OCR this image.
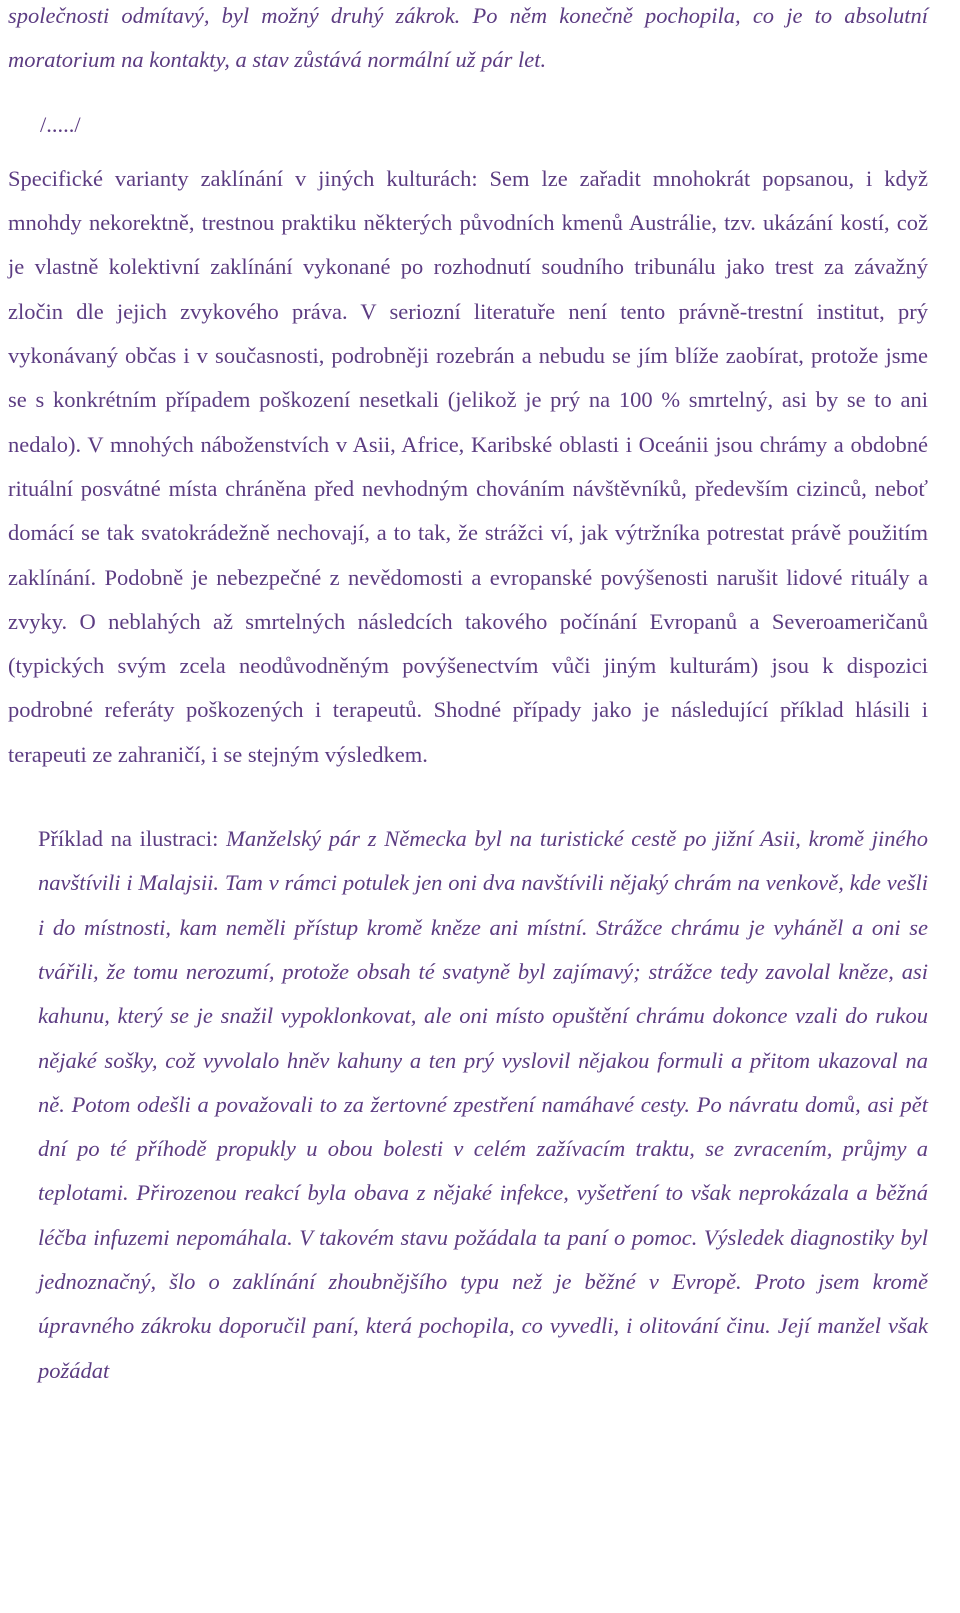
společnosti odmítavý, byl možný druhý zákrok. Po něm konečně pochopila, co je to absolutní moratorium na kontakty, a stav zůstává normální už pár let.

/...../

Specifické varianty zaklínání v jiných kulturách: Sem lze zařadit mnohokrát popsanou, i když mnohdy nekorektně, trestnou praktiku některých původních kmenů Austrálie, tzv. ukázání kostí, což je vlastně kolektivní zaklínání vykonané po rozhodnutí soudního tribunálu jako trest za závažný zločin dle jejich zvykového práva. V seriozní literatuře není tento právně-trestní institut, prý vykonávaný občas i v současnosti, podrobněji rozebrán a nebudu se jím blíže zaobírat, protože jsme se s konkrétním případem poškození nesetkali (jelikož je prý na 100 % smrtelný, asi by se to ani nedalo). V mnohých náboženstvích v Asii, Africe, Karibské oblasti i Oceánii jsou chrámy a obdobné rituální posvátné místa chráněna před nevhodným chováním návštěvníků, především cizinců, neboť domácí se tak svatokrádežně nechovají, a to tak, že strážci ví, jak výtržníka potrestat právě použitím zaklínání. Podobně je nebezpečné z nevědomosti a evropanské povýšenosti narušit lidové rituály a zvyky. O neblahých až smrtelných následcích takového počínání Evropanů a Severoameričanů (typických svým zcela neodůvodněným povýšenectvím vůči jiným kulturám) jsou k dispozici podrobné referáty poškozených i terapeutů. Shodné případy jako je následující příklad hlásili i terapeuti ze zahraničí, i se stejným výsledkem.

Příklad na ilustraci: Manželský pár z Německa byl na turistické cestě po jižní Asii, kromě jiného navštívili i Malajsii. Tam v rámci potulek jen oni dva navštívili nějaký chrám na venkově, kde vešli i do místnosti, kam neměli přístup kromě kněze ani místní. Strážce chrámu je vyháněl a oni se tvářili, že tomu nerozumí, protože obsah té svatyně byl zajímavý; strážce tedy zavolal kněze, asi kahunu, který se je snažil vypoklonkovat, ale oni místo opuštění chrámu dokonce vzali do rukou nějaké sošky, což vyvolalo hněv kahuny a ten prý vyslovil nějakou formuli a přitom ukazoval na ně. Potom odešli a považovali to za žertovné zpestření namáhavé cesty. Po návratu domů, asi pět dní po té příhodě propukly u obou bolesti v celém zažívacím traktu, se zvracením, průjmy a teplotami. Přirozenou reakcí byla obava z nějaké infekce, vyšetření to však neprokázala a běžná léčba infuzemi nepomáhala. V takovém stavu požádala ta paní o pomoc. Výsledek diagnostiky byl jednoznačný, šlo o zaklínání zhoubnějšího typu než je běžné v Evropě. Proto jsem kromě úpravného zákroku doporučil paní, která pochopila, co vyvedli, i olitování činu. Její manžel však požádat
